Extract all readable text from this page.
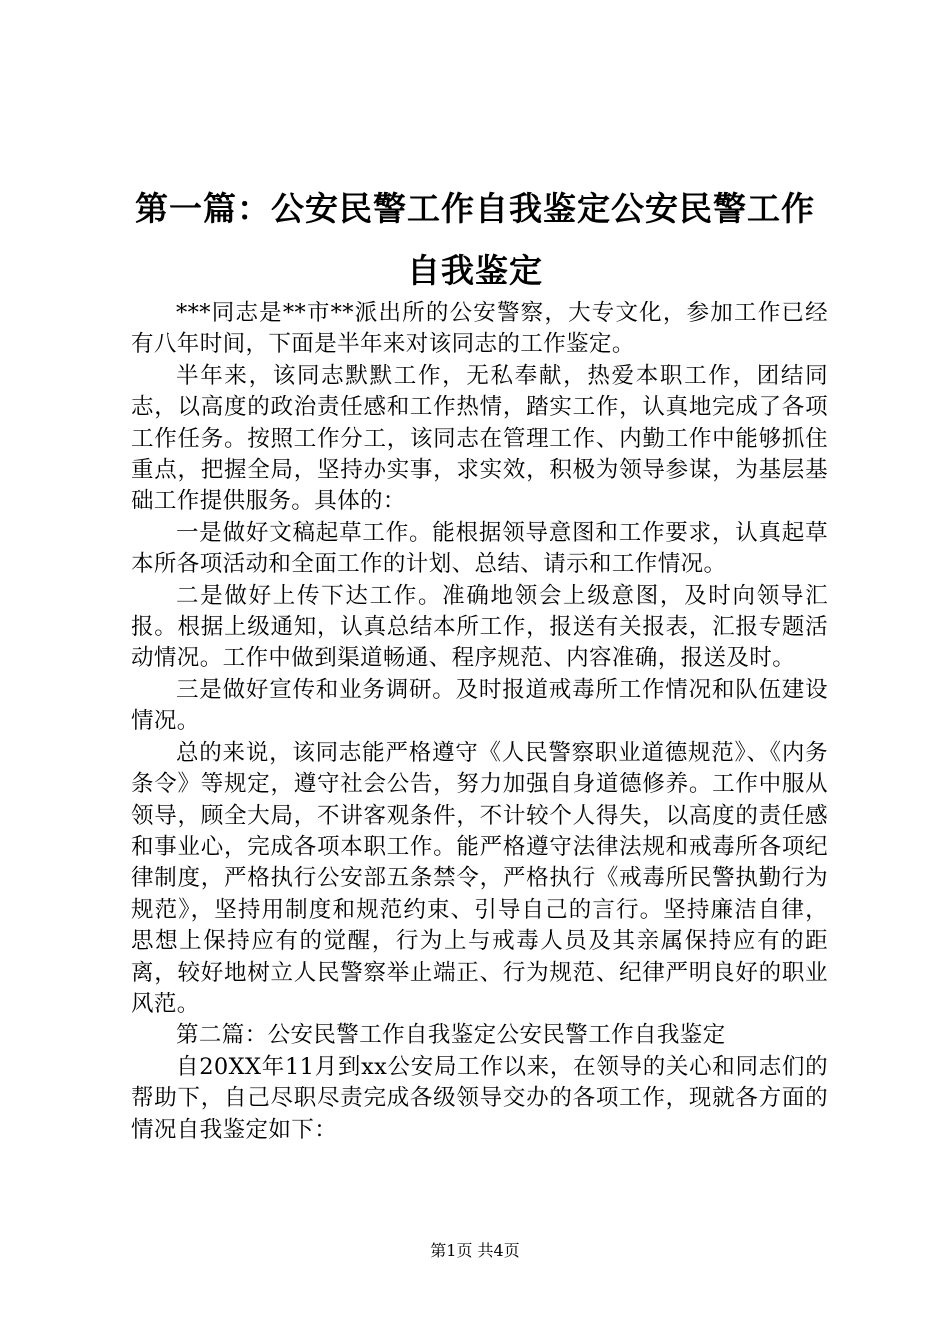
第一篇：公安民警工作自我鉴定公安民警工作自我鉴定

***同志是**市**派出所的公安警察，大专文化，参加工作已经有八年时间，下面是半年来对该同志的工作鉴定。

半年来，该同志默默工作，无私奉献，热爱本职工作，团结同志，以高度的政治责任感和工作热情，踏实工作，认真地完成了各项工作任务。按照工作分工，该同志在管理工作、内勤工作中能够抓住重点，把握全局，坚持办实事，求实效，积极为领导参谋，为基层基础工作提供服务。具体的：

一是做好文稿起草工作。能根据领导意图和工作要求，认真起草本所各项活动和全面工作的计划、总结、请示和工作情况。

二是做好上传下达工作。准确地领会上级意图，及时向领导汇报。根据上级通知，认真总结本所工作，报送有关报表，汇报专题活动情况。工作中做到渠道畅通、程序规范、内容准确，报送及时。

三是做好宣传和业务调研。及时报道戒毒所工作情况和队伍建设情况。

总的来说，该同志能严格遵守《人民警察职业道德规范》、《内务条令》等规定，遵守社会公告，努力加强自身道德修养。工作中服从领导，顾全大局，不讲客观条件，不计较个人得失，以高度的责任感和事业心，完成各项本职工作。能严格遵守法律法规和戒毒所各项纪律制度，严格执行公安部五条禁令，严格执行《戒毒所民警执勤行为规范》，坚持用制度和规范约束、引导自己的言行。坚持廉洁自律，思想上保持应有的觉醒，行为上与戒毒人员及其亲属保持应有的距离，较好地树立人民警察举止端正、行为规范、纪律严明良好的职业风范。

第二篇：公安民警工作自我鉴定公安民警工作自我鉴定

自20XX年11月到xx公安局工作以来，在领导的关心和同志们的帮助下，自己尽职尽责完成各级领导交办的各项工作，现就各方面的情况自我鉴定如下：

第1页 共4页
